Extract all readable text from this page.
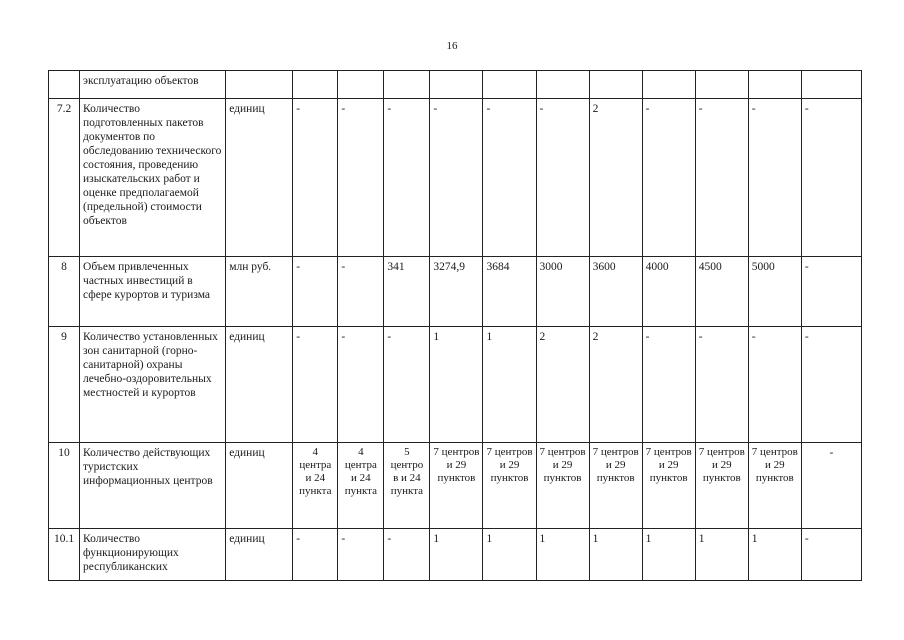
16
	эксплуатацию объектов												
7.2	Количество подготовленных пакетов документов по обследованию технического состояния, проведению изыскательских работ и оценке предполагаемой (предельной) стоимости объектов	единиц	-	-	-	-	-	-	2	-	-	-	-
8	Объем привлеченных частных инвестиций в сфере курортов и туризма	млн руб.	-	-	341	3274,9	3684	3000	3600	4000	4500	5000	-
9	Количество установленных зон санитарной (горно-санитарной) охраны лечебно-оздоровительных местностей и курортов	единиц	-	-	-	1	1	2	2	-	-	-	-
10	Количество действующих туристских информационных центров	единиц	4 центра и 24 пункта	4 центра и 24 пункта	5 центро в и 24 пункта	7 центров и 29 пунктов	7 центров и 29 пунктов	7 центров и 29 пунктов	7 центров и 29 пунктов	7 центров и 29 пунктов	7 центров и 29 пунктов	7 центров и 29 пунктов	-
10.1	Количество функционирующих республиканских	единиц	-	-	-	1	1	1	1	1	1	1	-
